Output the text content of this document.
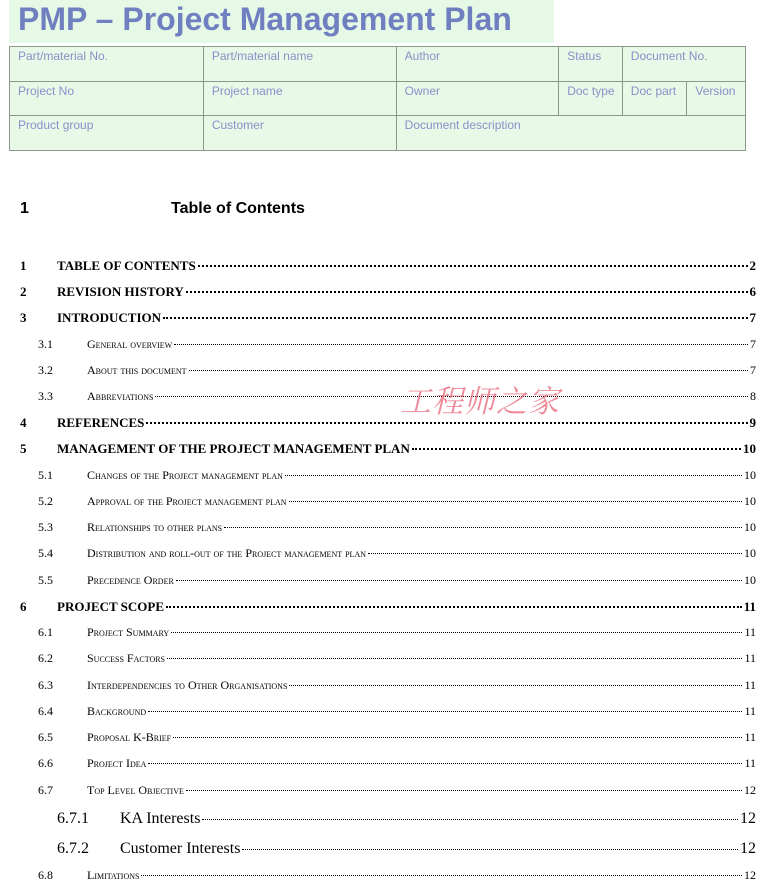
PMP – Project Management Plan
Part/material No.	Part/material name	Author	Status	Document No.	
Project No	Project name	Owner	Doc type	Doc part	Version
Product group	Customer	Document description			
1	Table of Contents
1	TABLE OF CONTENTS	2
2	REVISION HISTORY	6
3	INTRODUCTION	7
3.1	General overview	7
3.2	About this document	7
3.3	Abbreviations	8
4	REFERENCES	9
5	MANAGEMENT OF THE PROJECT MANAGEMENT PLAN	10
5.1	Changes of the Project management plan	10
5.2	Approval of the Project management plan	10
5.3	Relationships to other plans	10
5.4	Distribution and roll-out of the Project management plan	10
5.5	Precedence Order	10
6	PROJECT SCOPE	11
6.1	Project Summary	11
6.2	Success Factors	11
6.3	Interdependencies to Other Organisations	11
6.4	Background	11
6.5	Proposal K-Brief	11
6.6	Project Idea	11
6.7	Top Level Objective	12
6.7.1	KA Interests	12
6.7.2	Customer Interests	12
6.8	Limitations	12
工程师之家
